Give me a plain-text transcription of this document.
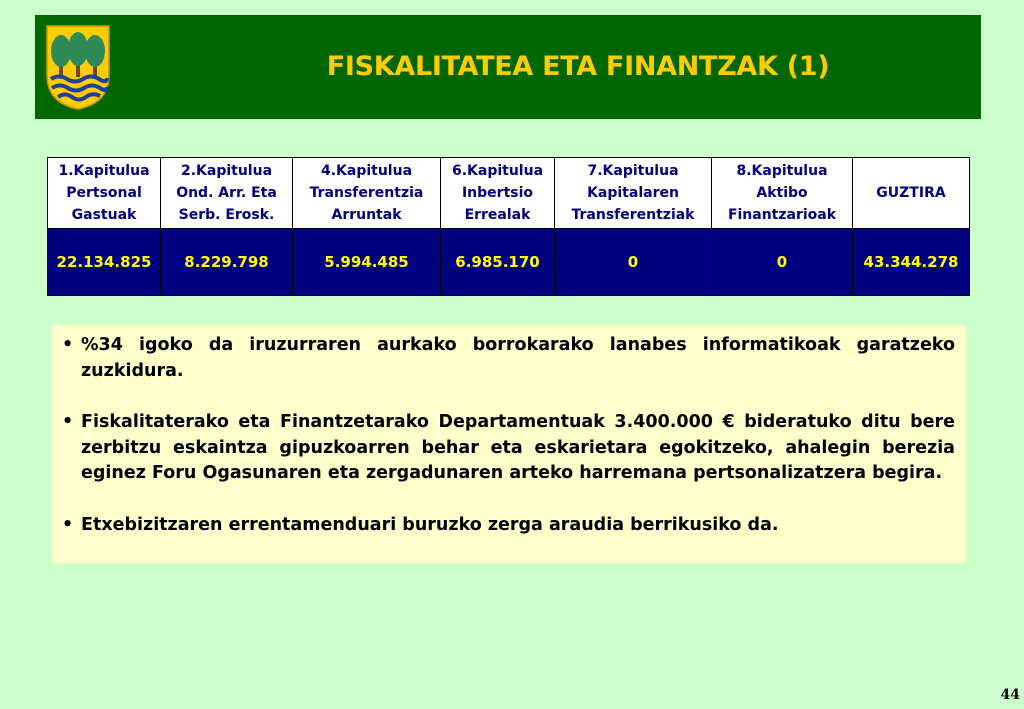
FISKALITATEA ETA FINANTZAK (1)
1.Kapitulua
Pertsonal
Gastuak	2.Kapitulua
Ond. Arr. Eta
Serb. Erosk.	4.Kapitulua
Transferentzia
Arruntak	6.Kapitulua
Inbertsio
Errealak	7.Kapitulua
Kapitalaren
Transferentziak	8.Kapitulua
Aktibo
Finantzarioak	GUZTIRA

22.134.825	8.229.798	5.994.485	6.985.170	0	0	43.344.278
• %34 igoko da iruzurraren aurkako borrokarako lanabes informatikoak garatzeko zuzkidura.
• Fiskalitaterako eta Finantzetarako Departamentuak 3.400.000 € bideratuko ditu bere zerbitzu eskaintza gipuzkoarren behar eta eskarietara egokitzeko, ahalegin berezia eginez Foru Ogasunaren eta zergadunaren arteko harremana pertsonalizatzera begira.
• Etxebizitzaren errentamenduari buruzko zerga araudia berrikusiko da.
44
